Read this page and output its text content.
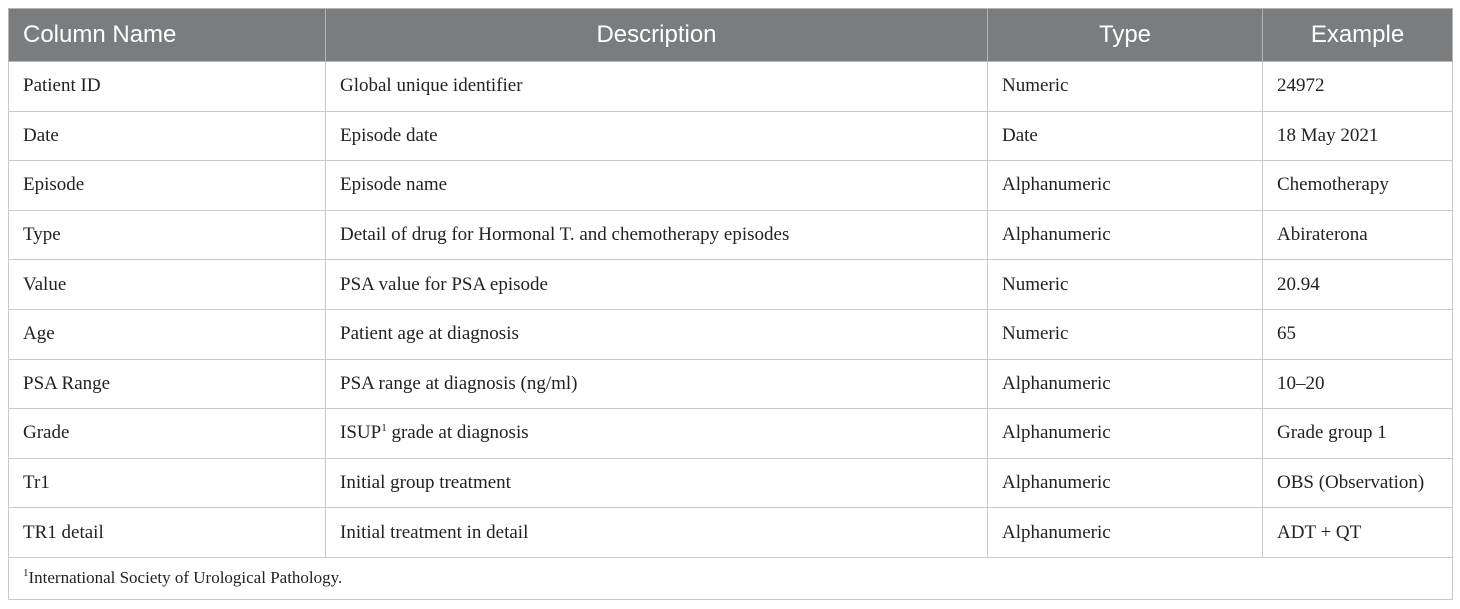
Column Name	Description	Type	Example
Patient ID	Global unique identifier	Numeric	24972
Date	Episode date	Date	18 May 2021
Episode	Episode name	Alphanumeric	Chemotherapy
Type	Detail of drug for Hormonal T. and chemotherapy episodes	Alphanumeric	Abiraterona
Value	PSA value for PSA episode	Numeric	20.94
Age	Patient age at diagnosis	Numeric	65
PSA Range	PSA range at diagnosis (ng/ml)	Alphanumeric	10–20
Grade	ISUP$^1$ grade at diagnosis	Alphanumeric	Grade group 1
Tr1	Initial group treatment	Alphanumeric	OBS (Observation)
TR1 detail	Initial treatment in detail	Alphanumeric	ADT + QT
$^1$International Society of Urological Pathology.			
